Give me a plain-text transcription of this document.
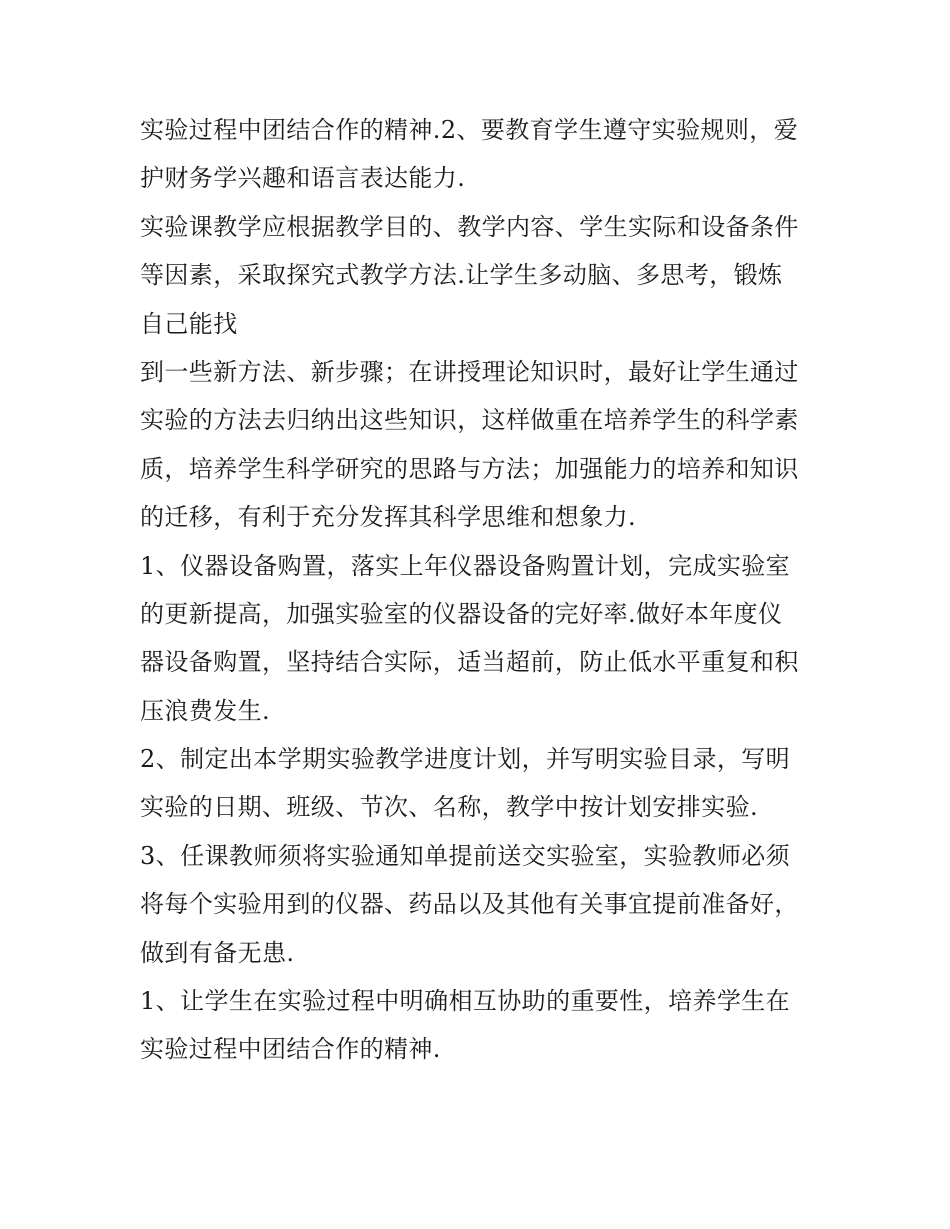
实验过程中团结合作的精神.2、要教育学生遵守实验规则，爱
护财务学兴趣和语言表达能力.
实验课教学应根据教学目的、教学内容、学生实际和设备条件
等因素，采取探究式教学方法.让学生多动脑、多思考，锻炼
自己能找
到一些新方法、新步骤；在讲授理论知识时，最好让学生通过
实验的方法去归纳出这些知识，这样做重在培养学生的科学素
质，培养学生科学研究的思路与方法；加强能力的培养和知识
的迁移，有利于充分发挥其科学思维和想象力.
1、仪器设备购置，落实上年仪器设备购置计划，完成实验室
的更新提高，加强实验室的仪器设备的完好率.做好本年度仪
器设备购置，坚持结合实际，适当超前，防止低水平重复和积
压浪费发生.
2、制定出本学期实验教学进度计划，并写明实验目录，写明
实验的日期、班级、节次、名称，教学中按计划安排实验.
3、任课教师须将实验通知单提前送交实验室，实验教师必须
将每个实验用到的仪器、药品以及其他有关事宜提前准备好，
做到有备无患.
1、让学生在实验过程中明确相互协助的重要性，培养学生在
实验过程中团结合作的精神.
